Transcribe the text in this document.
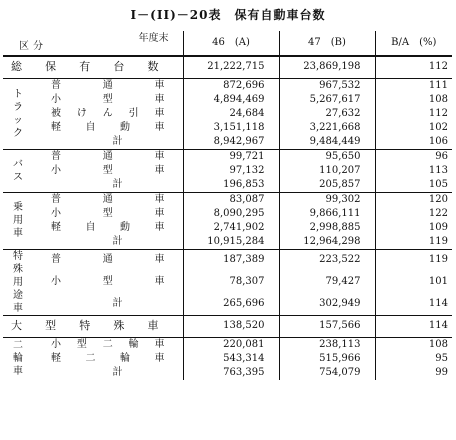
I－(II)－20表　保有自動車台数
区分
年度末		46　(A)	47　(B)	B/A　(%)
総保有台数		21,222,715	23,869,198	112
トラック	普通車	872,696	967,532	111
	小型車	4,894,469	5,267,617	108
	被けん引車	24,684	27,632	112
	軽自動車	3,151,118	3,221,668	102
	計	8,942,967	9,484,449	106
バス	普通車	99,721	95,650	96
	小型車	97,132	110,207	113
	計	196,853	205,857	105
乗用車	普通車	83,087	99,302	120
	小型車	8,090,295	9,866,111	122
	軽自動車	2,741,902	2,998,885	109
	計	10,915,284	12,964,298	119
特殊用途車	普通車	187,389	223,522	119
	小型車	78,307	79,427	101
	計	265,696	302,949	114
大型特殊車		138,520	157,566	114
二輪車	小型二輪車	220,081	238,113	108
	軽二輪車	543,314	515,966	95
	計	763,395	754,079	99
